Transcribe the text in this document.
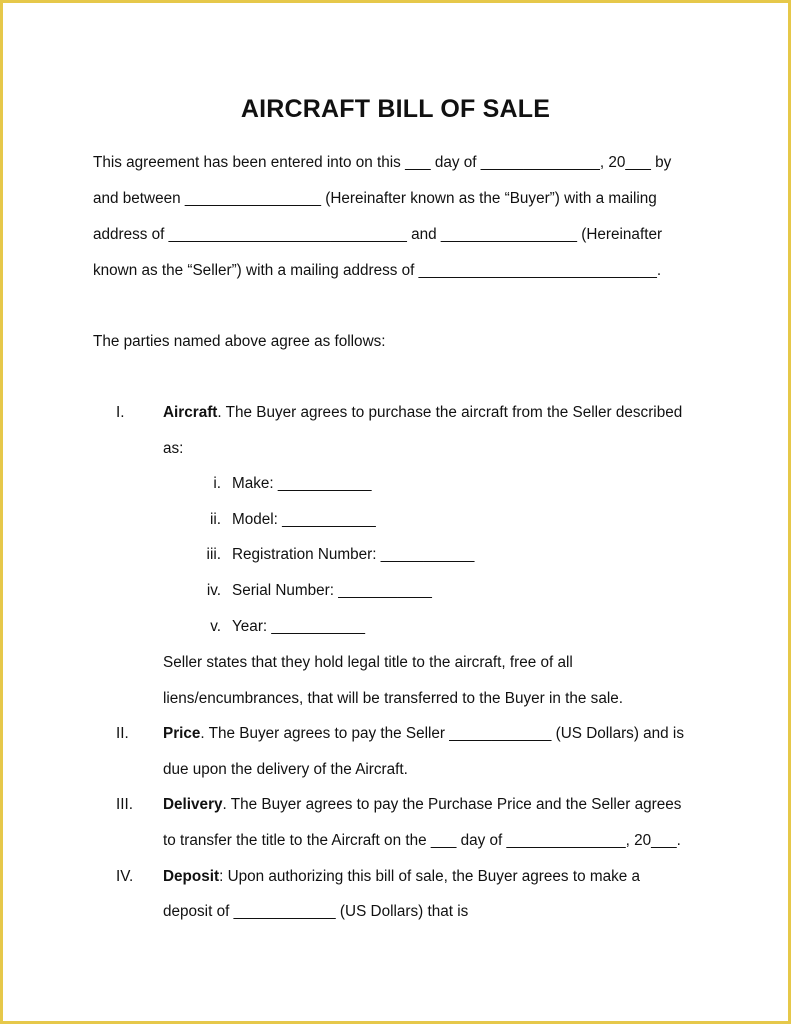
AIRCRAFT BILL OF SALE
This agreement has been entered into on this ___ day of ______________, 20___ by
and between ________________ (Hereinafter known as the “Buyer”) with a mailing
address of ____________________________ and ________________ (Hereinafter
known as the “Seller”) with a mailing address of ____________________________.
The parties named above agree as follows:
I.	Aircraft. The Buyer agrees to purchase the aircraft from the Seller described
as:
i. Make: ___________
ii. Model: ___________
iii. Registration Number: ___________
iv. Serial Number: ___________
v. Year: ___________
Seller states that they hold legal title to the aircraft, free of all
liens/encumbrances, that will be transferred to the Buyer in the sale.
II. Price. The Buyer agrees to pay the Seller ____________ (US Dollars) and is
due upon the delivery of the Aircraft.
III. Delivery. The Buyer agrees to pay the Purchase Price and the Seller agrees
to transfer the title to the Aircraft on the ___ day of ______________, 20___.
IV. Deposit: Upon authorizing this bill of sale, the Buyer agrees to make a
deposit of ____________ (US Dollars) that is
